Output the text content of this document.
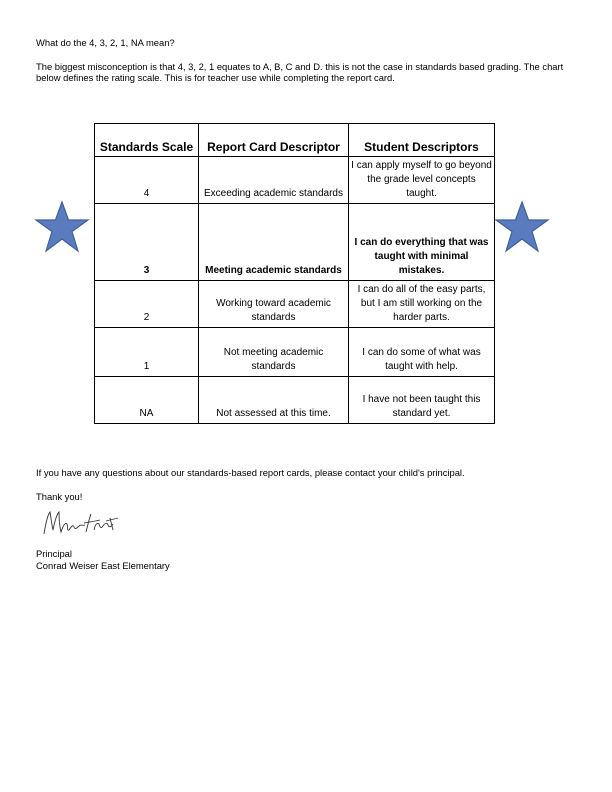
What do the 4, 3, 2, 1, NA mean?
The biggest misconception is that 4, 3, 2, 1 equates to A, B, C and D. this is not the case in standards based grading. The chart below defines the rating scale. This is for teacher use while completing the report card.
Standards Scale	Report Card Descriptor	Student Descriptors
4	Exceeding academic standards	I can apply myself to go beyond the grade level concepts taught.
3	Meeting academic standards	I can do everything that was taught with minimal mistakes.
2	Working toward academic standards	I can do all of the easy parts, but I am still working on the harder parts.
1	Not meeting academic standards	I can do some of what was taught with help.
NA	Not assessed at this time.	I have not been taught this standard yet.
If you have any questions about our standards-based report cards, please contact your child's principal.
Thank you!
Principal
Conrad Weiser East Elementary
